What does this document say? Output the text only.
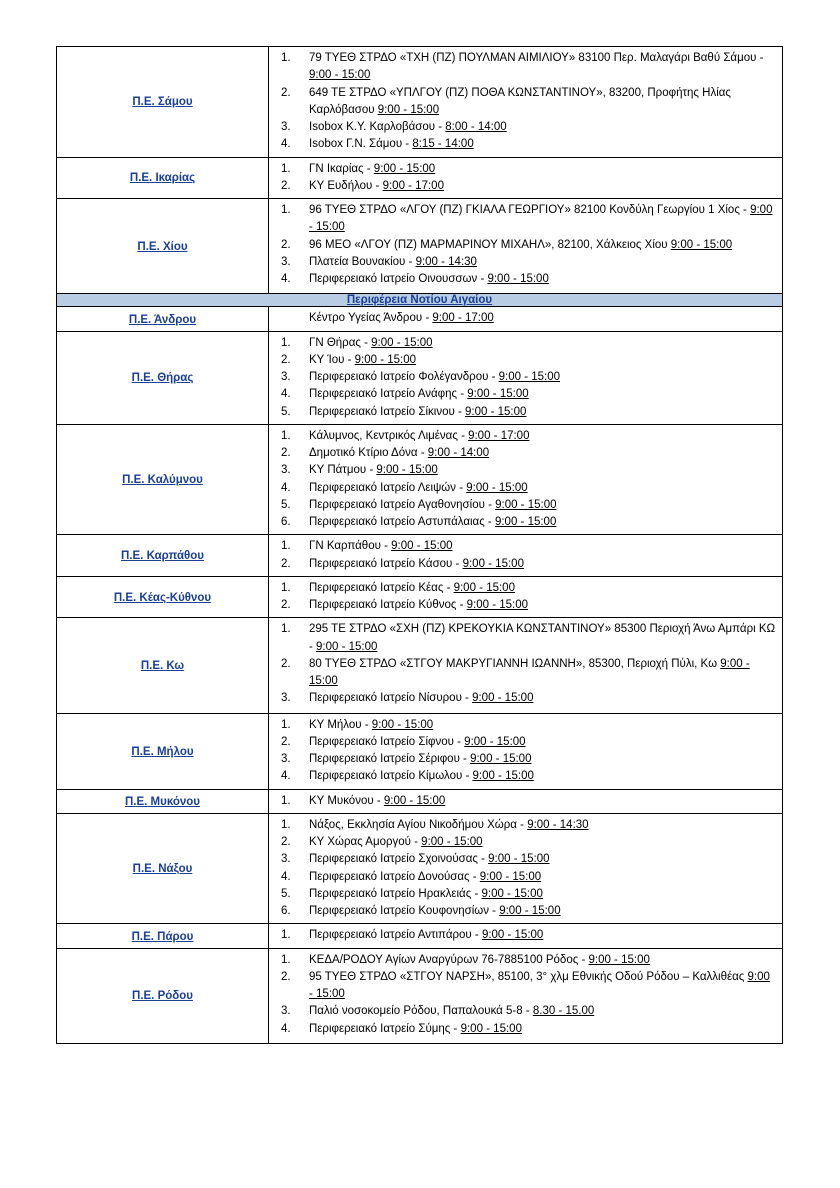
Π.Ε. Σάμου	
1.	79 ΤΥΕΘ ΣΤΡΔΟ «ΤΧΗ (ΠΖ) ΠΟΥΛΜΑΝ ΑΙΜΙΛΙΟΥ» 83100 Περ. Μαλαγάρι Βαθύ Σάμου - 9:00 - 15:00
2.	649 ΤΕ ΣΤΡΔΟ «ΥΠΛΓΟΥ (ΠΖ) ΠΟΘΑ ΚΩΝΣΤΑΝΤΙΝΟΥ», 83200, Προφήτης Ηλίας Καρλόβασου 9:00 - 15:00
3.	Isobox Κ.Υ. Καρλοβάσου - 8:00 - 14:00
4.	Isobox Γ.Ν. Σάμου - 8:15 - 14:00

Π.Ε. Ικαρίας	
1.	ΓΝ Ικαρίας - 9:00 - 15:00
2.	ΚΥ Ευδήλου - 9:00 - 17:00

Π.Ε. Χίου	
1.	96 ΤΥΕΘ ΣΤΡΔΟ «ΛΓΟΥ (ΠΖ) ΓΚΙΑΛΑ ΓΕΩΡΓΙΟΥ» 82100 Κονδύλη Γεωργίου 1 Χίος - 9:00 - 15:00
2.	96 ΜΕΟ «ΛΓΟΥ (ΠΖ) ΜΑΡΜΑΡΙΝΟΥ ΜΙΧΑΗΛ», 82100, Χάλκειος Χίου 9:00 - 15:00
3.	Πλατεία Βουνακίου - 9:00 - 14:30
4.	Περιφερειακό Ιατρείο Οινουσσων - 9:00 - 15:00

Περιφέρεια Νοτίου Αιγαίου	

Π.Ε. Άνδρου	Κέντρο Υγείας Άνδρου - 9:00 - 17:00

Π.Ε. Θήρας	
1.	ΓΝ Θήρας - 9:00 - 15:00
2.	ΚΥ Ίου - 9:00 - 15:00
3.	Περιφερειακό Ιατρείο Φολέγανδρου - 9:00 - 15:00
4.	Περιφερειακό Ιατρείο Ανάφης - 9:00 - 15:00
5.	Περιφερειακό Ιατρείο Σίκινου - 9:00 - 15:00

Π.Ε. Καλύμνου	
1.	Κάλυμνος, Κεντρικός Λιμένας - 9:00 - 17:00
2.	Δημοτικό Κτίριο Δόνα - 9:00 - 14:00
3.	ΚΥ Πάτμου - 9:00 - 15:00
4.	Περιφερειακό Ιατρείο Λειψών - 9:00 - 15:00
5.	Περιφερειακό Ιατρείο Αγαθονησίου - 9:00 - 15:00
6.	Περιφερειακό Ιατρείο Αστυπάλαιας - 9:00 - 15:00

Π.Ε. Καρπάθου	
1.	ΓΝ Καρπάθου - 9:00 - 15:00
2.	Περιφερειακό Ιατρείο Κάσου - 9:00 - 15:00

Π.Ε. Κέας-Κύθνου	
1.	Περιφερειακό Ιατρείο Κέας - 9:00 - 15:00
2.	Περιφερειακό Ιατρείο Κύθνος - 9:00 - 15:00

Π.Ε. Κω	
1.	295 ΤΕ ΣΤΡΔΟ «ΣΧΗ (ΠΖ) ΚΡΕΚΟΥΚΙΑ ΚΩΝΣΤΑΝΤΙΝΟΥ» 85300 Περιοχή Άνω Αμπάρι ΚΩ - 9:00 - 15:00
2.	80 ΤΥΕΘ ΣΤΡΔΟ «ΣΤΓΟΥ ΜΑΚΡΥΓΙΑΝΝΗ ΙΩΑΝΝΗ», 85300, Περιοχή Πύλι, Κω 9:00 - 15:00
3.	Περιφερειακό Ιατρείο Νίσυρου - 9:00 - 15:00

Π.Ε. Μήλου	
1.	ΚΥ Μήλου - 9:00 - 15:00
2.	Περιφερειακό Ιατρείο Σίφνου - 9:00 - 15:00
3.	Περιφερειακό Ιατρείο Σέριφου - 9:00 - 15:00
4.	Περιφερειακό Ιατρείο Κίμωλου - 9:00 - 15:00

Π.Ε. Μυκόνου	1.	ΚΥ Μυκόνου - 9:00 - 15:00

Π.Ε. Νάξου	
1.	Νάξος, Εκκλησία Αγίου Νικοδήμου Χώρα - 9:00 - 14:30
2.	ΚΥ Χώρας Αμοργού - 9:00 - 15:00
3.	Περιφερειακό Ιατρείο Σχοινούσας - 9:00 - 15:00
4.	Περιφερειακό Ιατρείο Δονούσας - 9:00 - 15:00
5.	Περιφερειακό Ιατρείο Ηρακλειάς - 9:00 - 15:00
6.	Περιφερειακό Ιατρείο Κουφονησίων - 9:00 - 15:00

Π.Ε. Πάρου	1.	Περιφερειακό Ιατρείο Αντιπάρου - 9:00 - 15:00

Π.Ε. Ρόδου	
1.	ΚΕΔΑ/ΡΟΔΟΥ Αγίων Αναργύρων 76-7885100 Ρόδος - 9:00 - 15:00
2.	95 ΤΥΕΘ ΣΤΡΔΟ «ΣΤΓΟΥ ΝΑΡΣΗ», 85100, 3° χλμ Εθνικής Οδού Ρόδου – Καλλιθέας 9:00 - 15:00
3.	Παλιό νοσοκομείο Ρόδου, Παπαλουκά 5-8 - 8.30 - 15.00
4.	Περιφερειακό Ιατρείο Σύμης - 9:00 - 15:00
